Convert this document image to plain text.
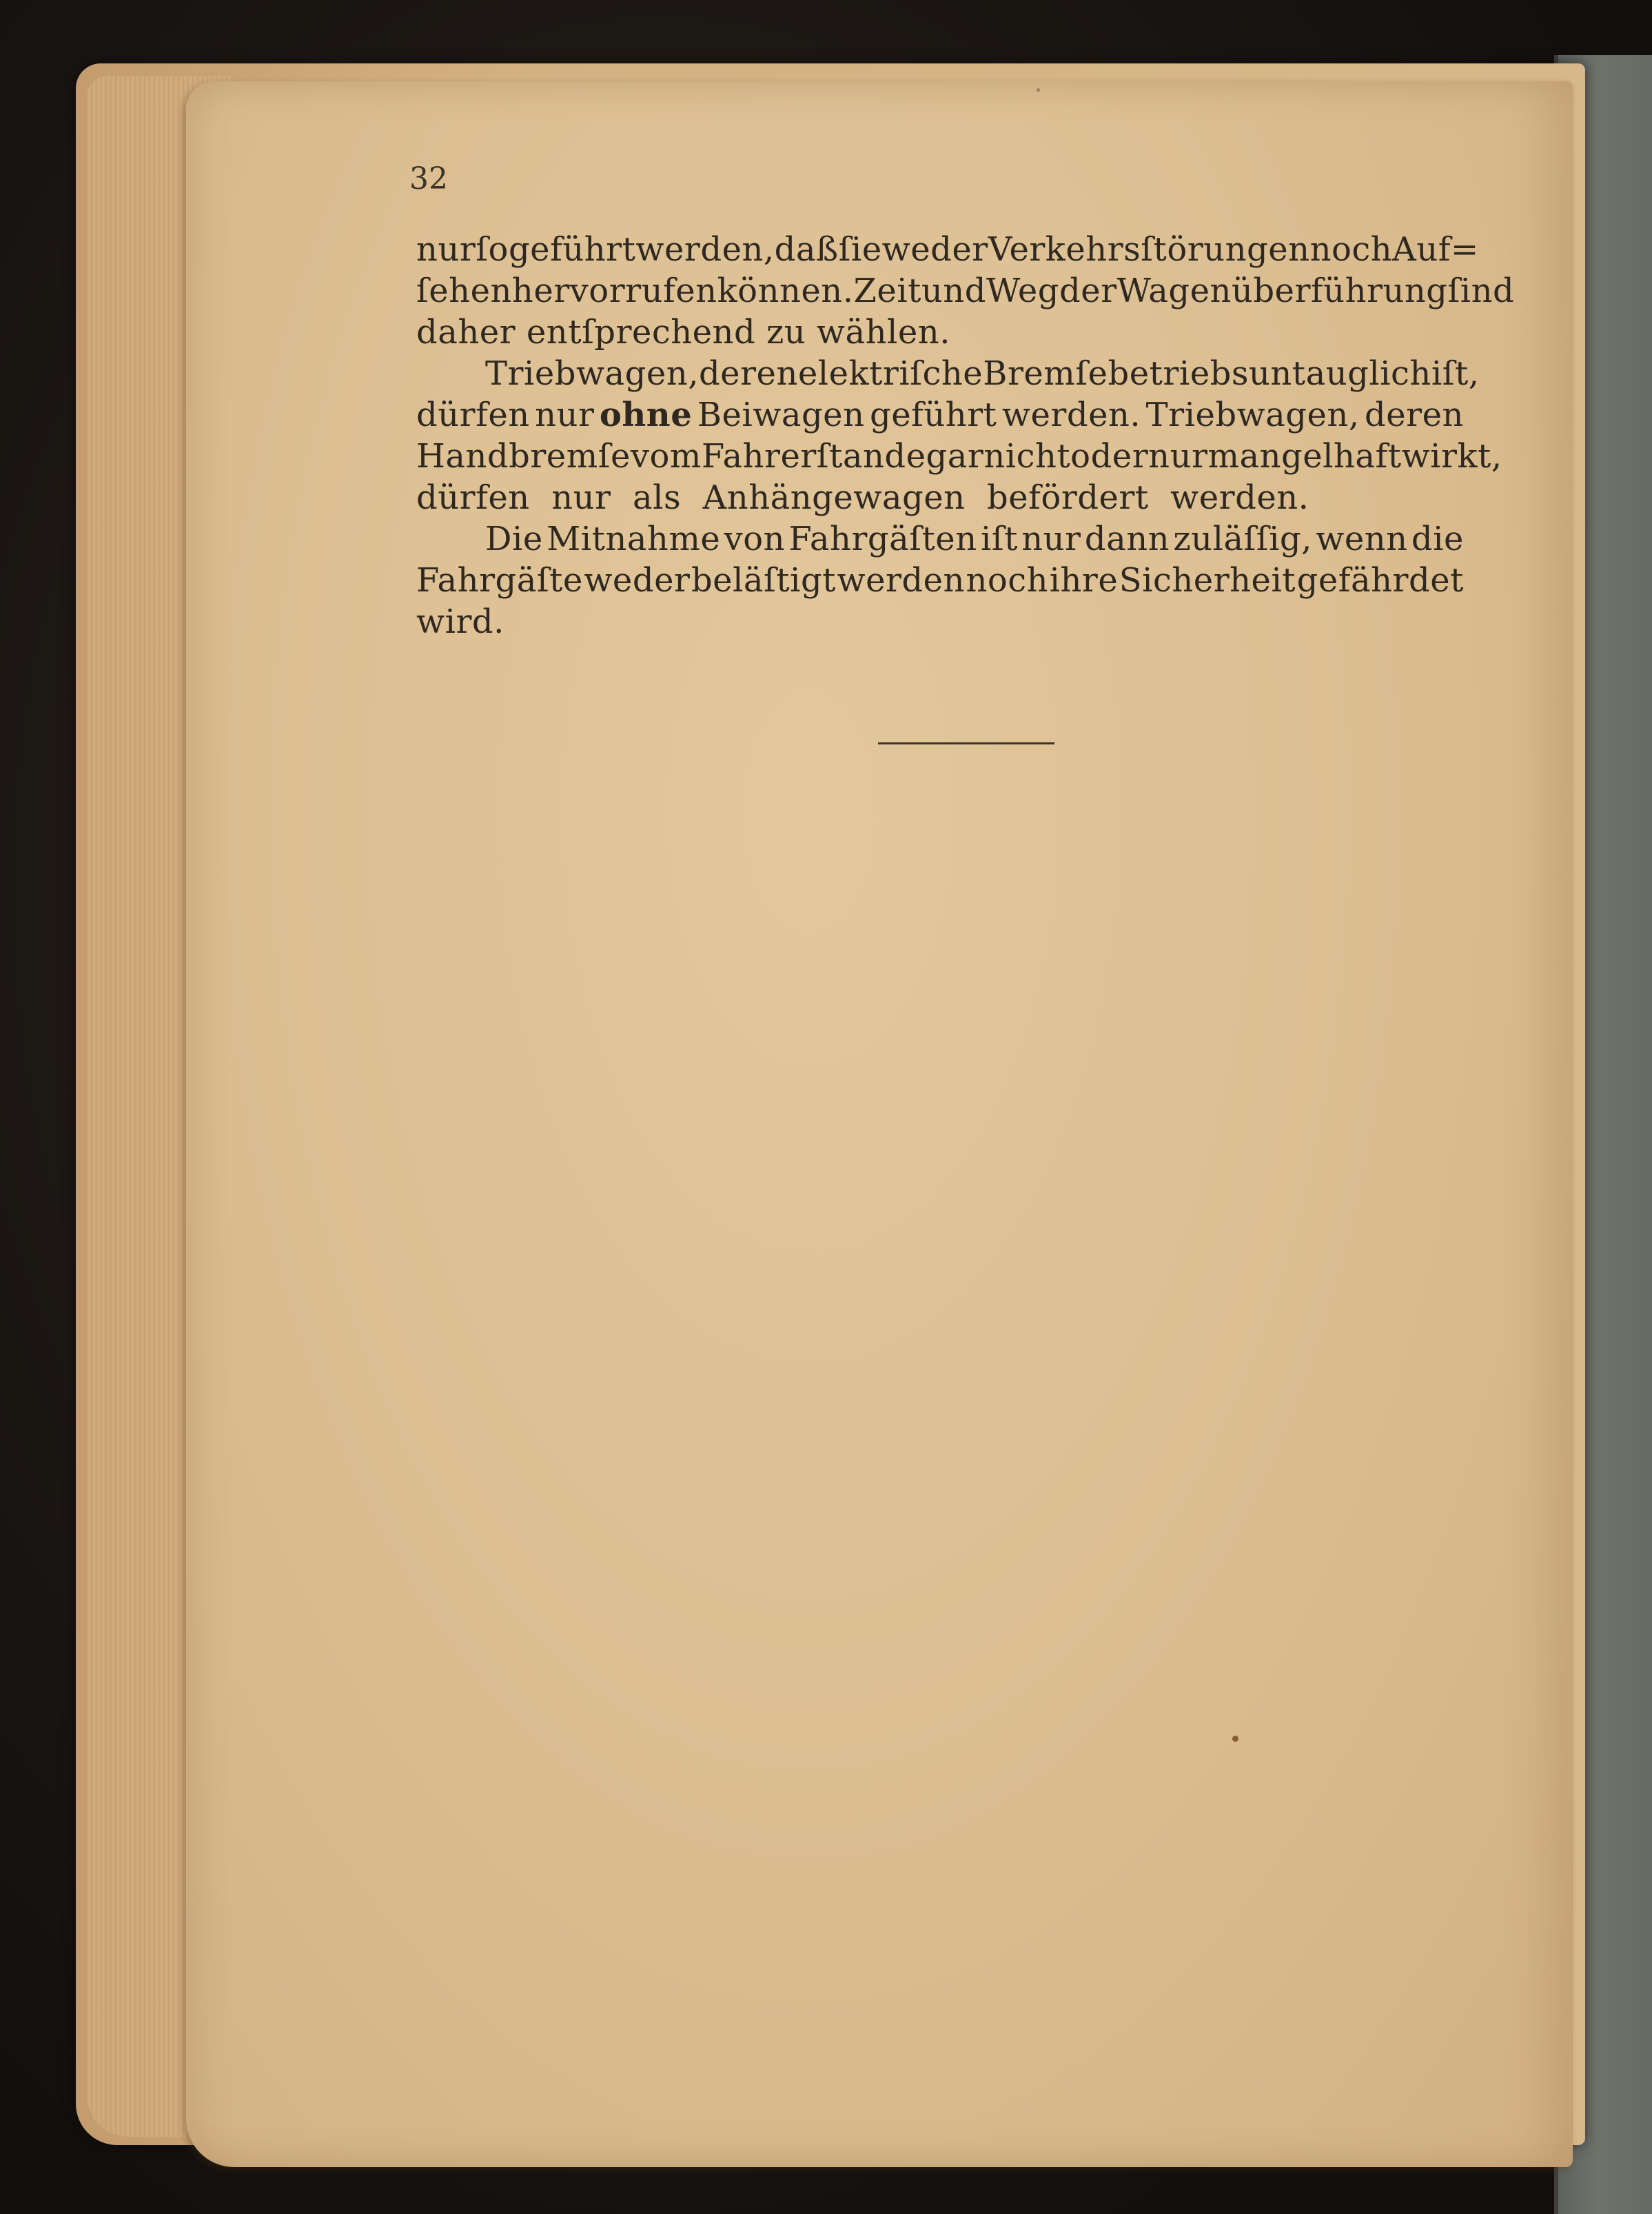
32
nur ſo geführt werden, daß ſie weder Verkehrsſtörungen noch Auf=
ſehen hervorrufen können. Zeit und Weg der Wagenüberführung ſind
daher
entſprechend
zu
wählen.
Triebwagen, deren elektriſche Bremſe betriebsuntauglich iſt,
dürfen nur ohne Beiwagen geführt werden. Triebwagen, deren
Handbremſe vom Fahrerſtande gar nicht oder nur mangelhaft wirkt,
dürfen
nur
als
Anhängewagen
befördert
werden.
Die Mitnahme von Fahrgäſten iſt nur dann zuläſſig, wenn die
Fahrgäſte weder beläſtigt werden noch ihre Sicherheit gefährdet
wird.
